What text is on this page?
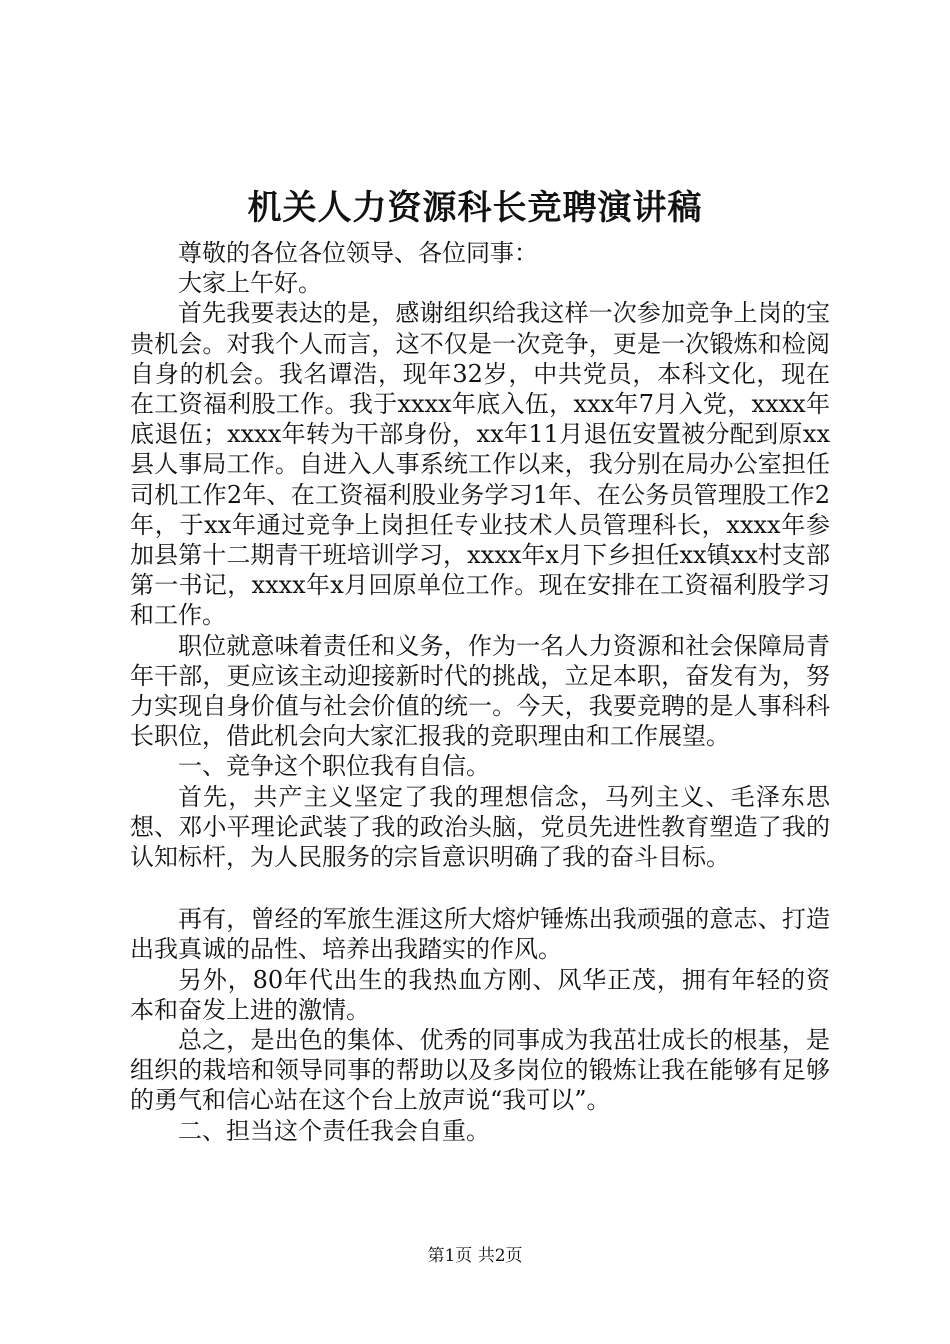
机关人力资源科长竞聘演讲稿

尊敬的各位各位领导、各位同事：

大家上午好。

首先我要表达的是，感谢组织给我这样一次参加竞争上岗的宝贵机会。对我个人而言，这不仅是一次竞争，更是一次锻炼和检阅自身的机会。我名谭浩，现年32岁，中共党员，本科文化，现在在工资福利股工作。我于xxxx年底入伍，xxx年7月入党，xxxx年底退伍；xxxx年转为干部身份，xx年11月退伍安置被分配到原xx县人事局工作。自进入人事系统工作以来，我分别在局办公室担任司机工作2年、在工资福利股业务学习1年、在公务员管理股工作2年，于xx年通过竞争上岗担任专业技术人员管理科长，xxxx年参加县第十二期青干班培训学习，xxxx年x月下乡担任xx镇xx村支部第一书记，xxxx年x月回原单位工作。现在安排在工资福利股学习和工作。

职位就意味着责任和义务，作为一名人力资源和社会保障局青年干部，更应该主动迎接新时代的挑战，立足本职，奋发有为，努力实现自身价值与社会价值的统一。今天，我要竞聘的是人事科科长职位，借此机会向大家汇报我的竞职理由和工作展望。

一、竞争这个职位我有自信。

首先，共产主义坚定了我的理想信念，马列主义、毛泽东思想、邓小平理论武装了我的政治头脑，党员先进性教育塑造了我的认知标杆，为人民服务的宗旨意识明确了我的奋斗目标。

再有，曾经的军旅生涯这所大熔炉锤炼出我顽强的意志、打造出我真诚的品性、培养出我踏实的作风。

另外，80年代出生的我热血方刚、风华正茂，拥有年轻的资本和奋发上进的激情。

总之，是出色的集体、优秀的同事成为我茁壮成长的根基，是组织的栽培和领导同事的帮助以及多岗位的锻炼让我在能够有足够的勇气和信心站在这个台上放声说“我可以”。

二、担当这个责任我会自重。

第1页 共2页
